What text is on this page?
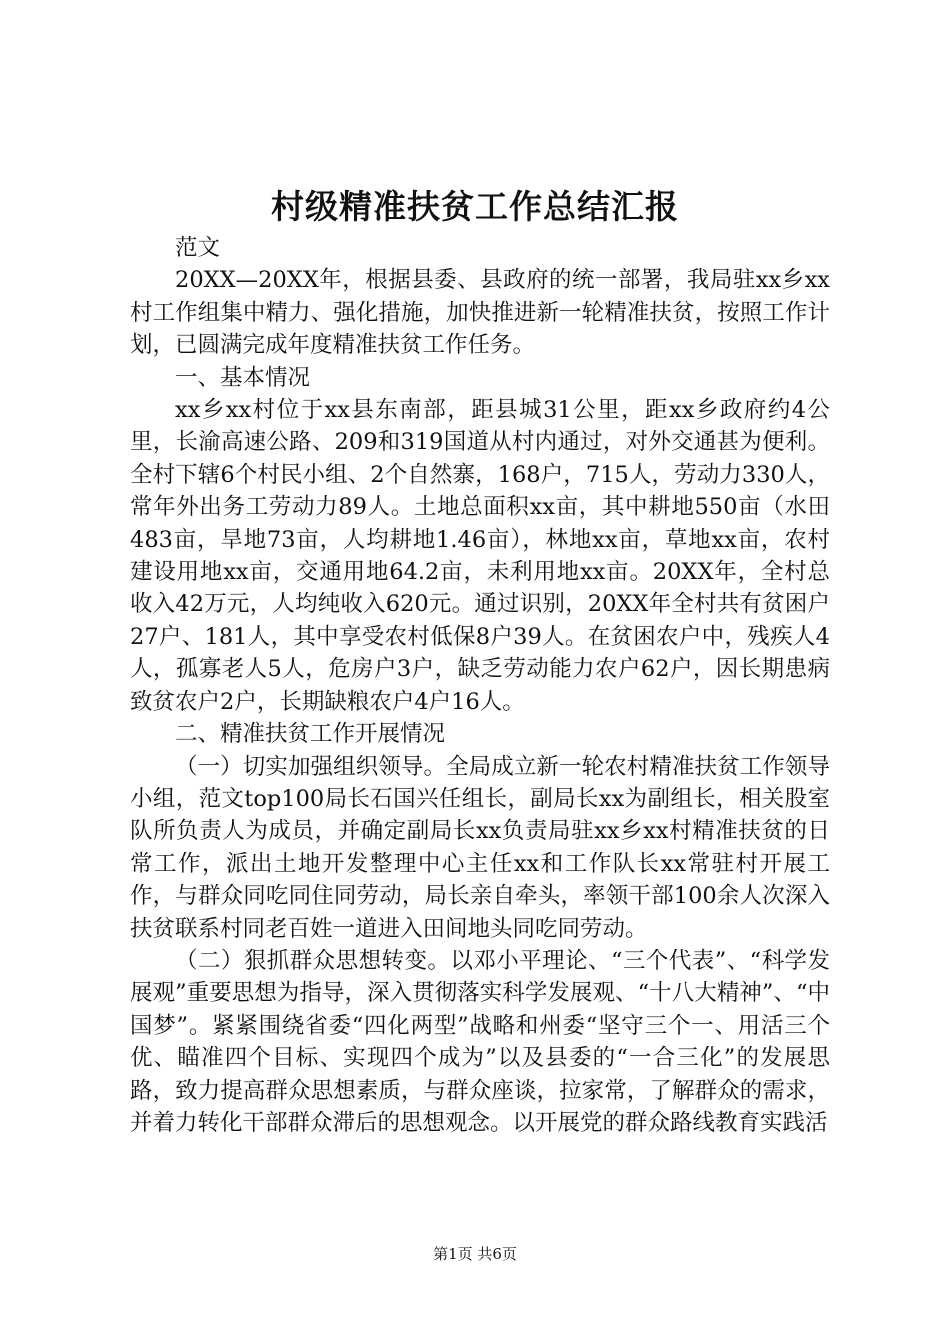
村级精准扶贫工作总结汇报

范文

20XX—20XX年，根据县委、县政府的统一部署，我局驻xx乡xx村工作组集中精力、强化措施，加快推进新一轮精准扶贫，按照工作计划，已圆满完成年度精准扶贫工作任务。

一、基本情况

xx乡xx村位于xx县东南部，距县城31公里，距xx乡政府约4公里，长渝高速公路、209和319国道从村内通过，对外交通甚为便利。全村下辖6个村民小组、2个自然寨，168户，715人，劳动力330人，常年外出务工劳动力89人。土地总面积xx亩，其中耕地550亩（水田483亩，旱地73亩，人均耕地1.46亩），林地xx亩，草地xx亩，农村建设用地xx亩，交通用地64.2亩，未利用地xx亩。20XX年，全村总收入42万元，人均纯收入620元。通过识别，20XX年全村共有贫困户27户、181人，其中享受农村低保8户39人。在贫困农户中，残疾人4人，孤寡老人5人，危房户3户，缺乏劳动能力农户62户，因长期患病致贫农户2户，长期缺粮农户4户16人。

二、精准扶贫工作开展情况

（一）切实加强组织领导。全局成立新一轮农村精准扶贫工作领导小组，范文top100局长石国兴任组长，副局长xx为副组长，相关股室队所负责人为成员，并确定副局长xx负责局驻xx乡xx村精准扶贫的日常工作，派出土地开发整理中心主任xx和工作队长xx常驻村开展工作，与群众同吃同住同劳动，局长亲自牵头，率领干部100余人次深入扶贫联系村同老百姓一道进入田间地头同吃同劳动。

（二）狠抓群众思想转变。以邓小平理论、“三个代表”、“科学发展观”重要思想为指导，深入贯彻落实科学发展观、“十八大精神”、“中国梦”。紧紧围绕省委“四化两型”战略和州委“坚守三个一、用活三个优、瞄准四个目标、实现四个成为”以及县委的“一合三化”的发展思路，致力提高群众思想素质，与群众座谈，拉家常，了解群众的需求，并着力转化干部群众滞后的思想观念。以开展党的群众路线教育实践活

第1页 共6页
